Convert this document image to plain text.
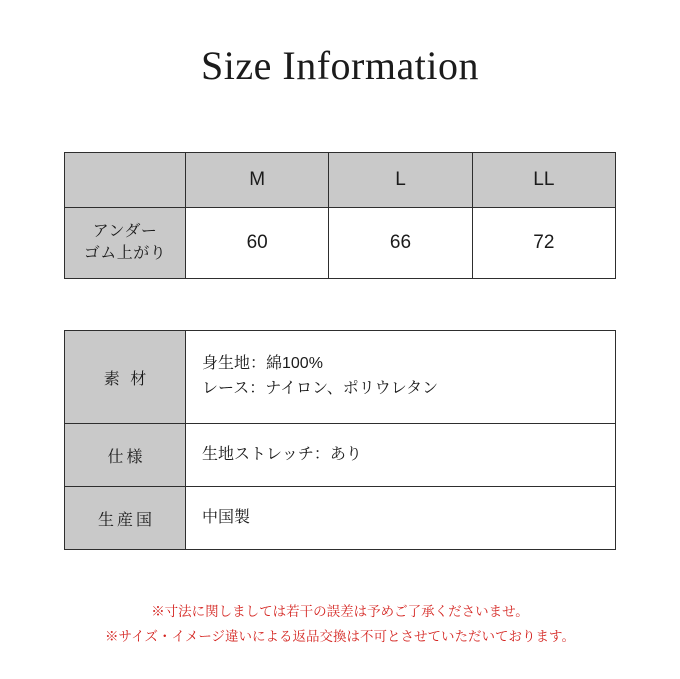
Size Information
	M	L	LL
アンダー
ゴム上がり	60	66	72
素 材	身生地：綿100%
レース：ナイロン、ポリウレタン

仕様	生地ストレッチ：あり
生産国	中国製
※寸法に関しましては若干の誤差は予めご了承くださいませ。
※サイズ・イメージ違いによる返品交換は不可とさせていただいております。
